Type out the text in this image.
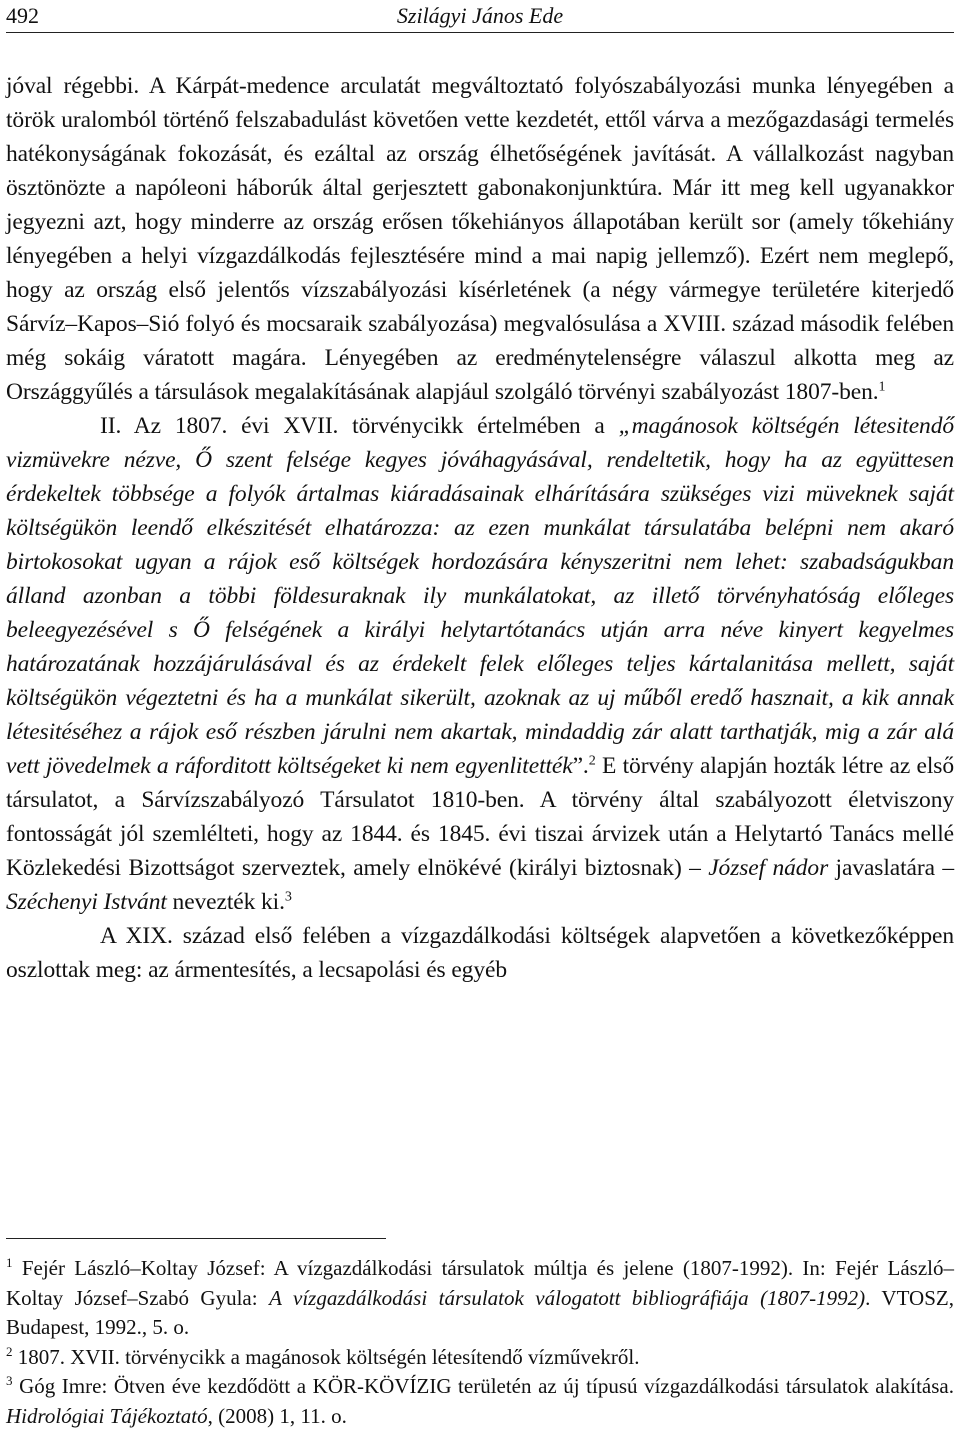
492	Szilágyi János Ede

jóval régebbi. A Kárpát-medence arculatát megváltoztató folyószabályozási munka lényegében a török uralomból történő felszabadulást követően vette kezdetét, ettől várva a mezőgazdasági termelés hatékonyságának fokozását, és ezáltal az ország élhetőségének javítását. A vállalkozást nagyban ösztönözte a napóleoni háborúk által gerjesztett gabonakonjunktúra. Már itt meg kell ugyanakkor jegyezni azt, hogy minderre az ország erősen tőkehiányos állapotában került sor (amely tőkehiány lényegében a helyi vízgazdálkodás fejlesztésére mind a mai napig jellemző). Ezért nem meglepő, hogy az ország első jelentős vízszabályozási kísérletének (a négy vármegye területére kiterjedő Sárvíz–Kapos–Sió folyó és mocsaraik szabályozása) megvalósulása a XVIII. század második felében még sokáig váratott magára. Lényegében az eredménytelenségre válaszul alkotta meg az Országgyűlés a társulások megalakításának alapjául szolgáló törvényi szabályozást 1807-ben.$^1$

II. Az 1807. évi XVII. törvénycikk értelmében a „magánosok költségén létesitendő vizmüvekre nézve, Ő szent felsége kegyes jóváhagyásával, rendeltetik, hogy ha az együttesen érdekeltek többsége a folyók ártalmas kiáradásainak elhárítására szükséges vizi müveknek saját költségükön leendő elkészitését elhatározza: az ezen munkálat társulatába belépni nem akaró birtokosokat ugyan a rájok eső költségek hordozására kényszeritni nem lehet: szabadságukban álland azonban a többi földesuraknak ily munkálatokat, az illető törvényhatóság előleges beleegyezésével s Ő felségének a királyi helytartótanács utján arra néve kinyert kegyelmes határozatának hozzájárulásával és az érdekelt felek előleges teljes kártalanitása mellett, saját költségükön végeztetni és ha a munkálat sikerült, azoknak az uj műből eredő hasznait, a kik annak létesitéséhez a rájok eső részben járulni nem akartak, mindaddig zár alatt tarthatják, mig a zár alá vett jövedelmek a ráforditott költségeket ki nem egyenlitették”.$^2$ E törvény alapján hozták létre az első társulatot, a Sárvízszabályozó Társulatot 1810-ben. A törvény által szabályozott életviszony fontosságát jól szemlélteti, hogy az 1844. és 1845. évi tiszai árvizek után a Helytartó Tanács mellé Közlekedési Bizottságot szerveztek, amely elnökévé (királyi biztosnak) – József nádor javaslatára – Széchenyi Istvánt nevezték ki.$^3$

A XIX. század első felében a vízgazdálkodási költségek alapvetően a következőképpen oszlottak meg: az ármentesítés, a lecsapolási és egyéb

$^1$ Fejér László–Koltay József: A vízgazdálkodási társulatok múltja és jelene (1807-1992). In: Fejér László–Koltay József–Szabó Gyula: A vízgazdálkodási társulatok válogatott bibliográfiája (1807-1992). VTOSZ, Budapest, 1992., 5. o.

$^2$ 1807. XVII. törvénycikk a magánosok költségén létesítendő vízművekről.

$^3$ Góg Imre: Ötven éve kezdődött a KÖR-KÖVÍZIG területén az új típusú vízgazdálkodási társulatok alakítása. Hidrológiai Tájékoztató, (2008) 1, 11. o.
